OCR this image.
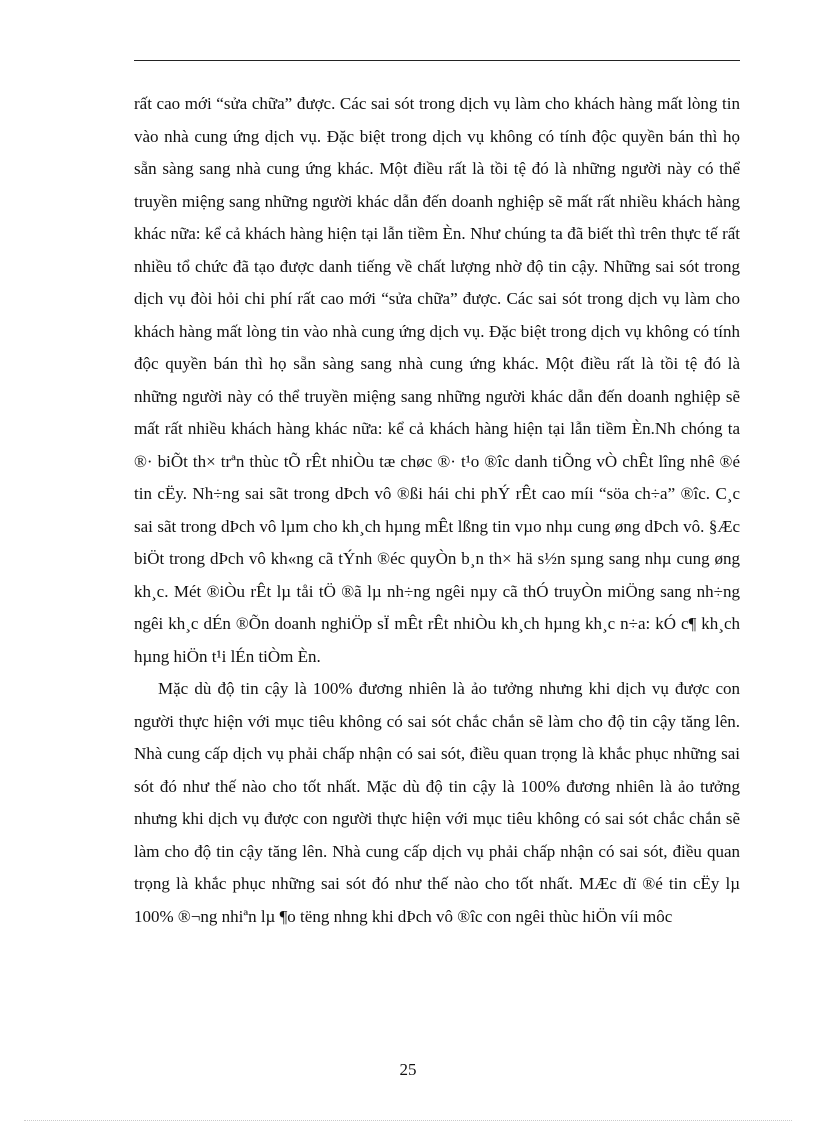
rất cao mới “sửa chữa” được. Các sai sót trong dịch vụ làm cho khách hàng mất lòng tin vào nhà cung ứng dịch vụ. Đặc biệt trong dịch vụ không có tính độc quyền bán thì họ sẵn sàng sang nhà cung ứng khác. Một điều rất là tồi tệ đó là những người này có thể truyền miệng sang những người khác dẫn đến doanh nghiệp sẽ mất rất nhiều khách hàng khác nữa: kể cả khách hàng hiện tại lẫn tiềm Èn. Như chúng ta đã biết thì trên thực tế rất nhiều tổ chức đã tạo được danh tiếng về chất lượng nhờ độ tin cậy. Những sai sót trong dịch vụ đòi hỏi chi phí rất cao mới “sửa chữa” được. Các sai sót trong dịch vụ làm cho khách hàng mất lòng tin vào nhà cung ứng dịch vụ. Đặc biệt trong dịch vụ không có tính độc quyền bán thì họ sẵn sàng sang nhà cung ứng khác. Một điều rất là tồi tệ đó là những người này có thể truyền miệng sang những người khác dẫn đến doanh nghiệp sẽ mất rất nhiều khách hàng khác nữa: kể cả khách hàng hiện tại lẫn tiềm Èn.Nh chóng ta ®· biÕt th× trªn thùc tÕ rÊt nhiÒu tæ chøc ®· t¹o ®îc danh tiÕng vÒ chÊt lîng nhê ®é tin cËy. Nh÷ng sai sãt trong dÞch vô ®ßi hái chi phÝ rÊt cao míi “söa ch÷a” ®îc. C¸c sai sãt trong dÞch vô lµm cho kh¸ch hµng mÊt lßng tin vµo nhµ cung øng dÞch vô. §Æc biÖt trong dÞch vô kh«ng cã tÝnh ®éc quyÒn b¸n th× hä s½n sµng sang nhµ cung øng kh¸c. Mét ®iÒu rÊt lµ tåi tÖ ®ã lµ nh÷ng ngêi nµy cã thÓ truyÒn miÖng sang nh÷ng ngêi kh¸c dÉn ®Õn doanh nghiÖp sÏ mÊt rÊt nhiÒu kh¸ch hµng kh¸c n÷a: kÓ c¶ kh¸ch hµng hiÖn t¹i lÉn tiÒm Èn.

Mặc dù độ tin cậy là 100% đương nhiên là ảo tưởng nhưng khi dịch vụ được con người thực hiện với mục tiêu không có sai sót chắc chắn sẽ làm cho độ tin cậy tăng lên. Nhà cung cấp dịch vụ phải chấp nhận có sai sót, điều quan trọng là khắc phục những sai sót đó như thế nào cho tốt nhất. Mặc dù độ tin cậy là 100% đương nhiên là ảo tưởng nhưng khi dịch vụ được con người thực hiện với mục tiêu không có sai sót chắc chắn sẽ làm cho độ tin cậy tăng lên. Nhà cung cấp dịch vụ phải chấp nhận có sai sót, điều quan trọng là khắc phục những sai sót đó như thế nào cho tốt nhất. MÆc dï ®é tin cËy lµ 100% ®¬ng nhiªn lµ ¶o tëng nhng khi dÞch vô ®îc con ngêi thùc hiÖn víi môc

25
